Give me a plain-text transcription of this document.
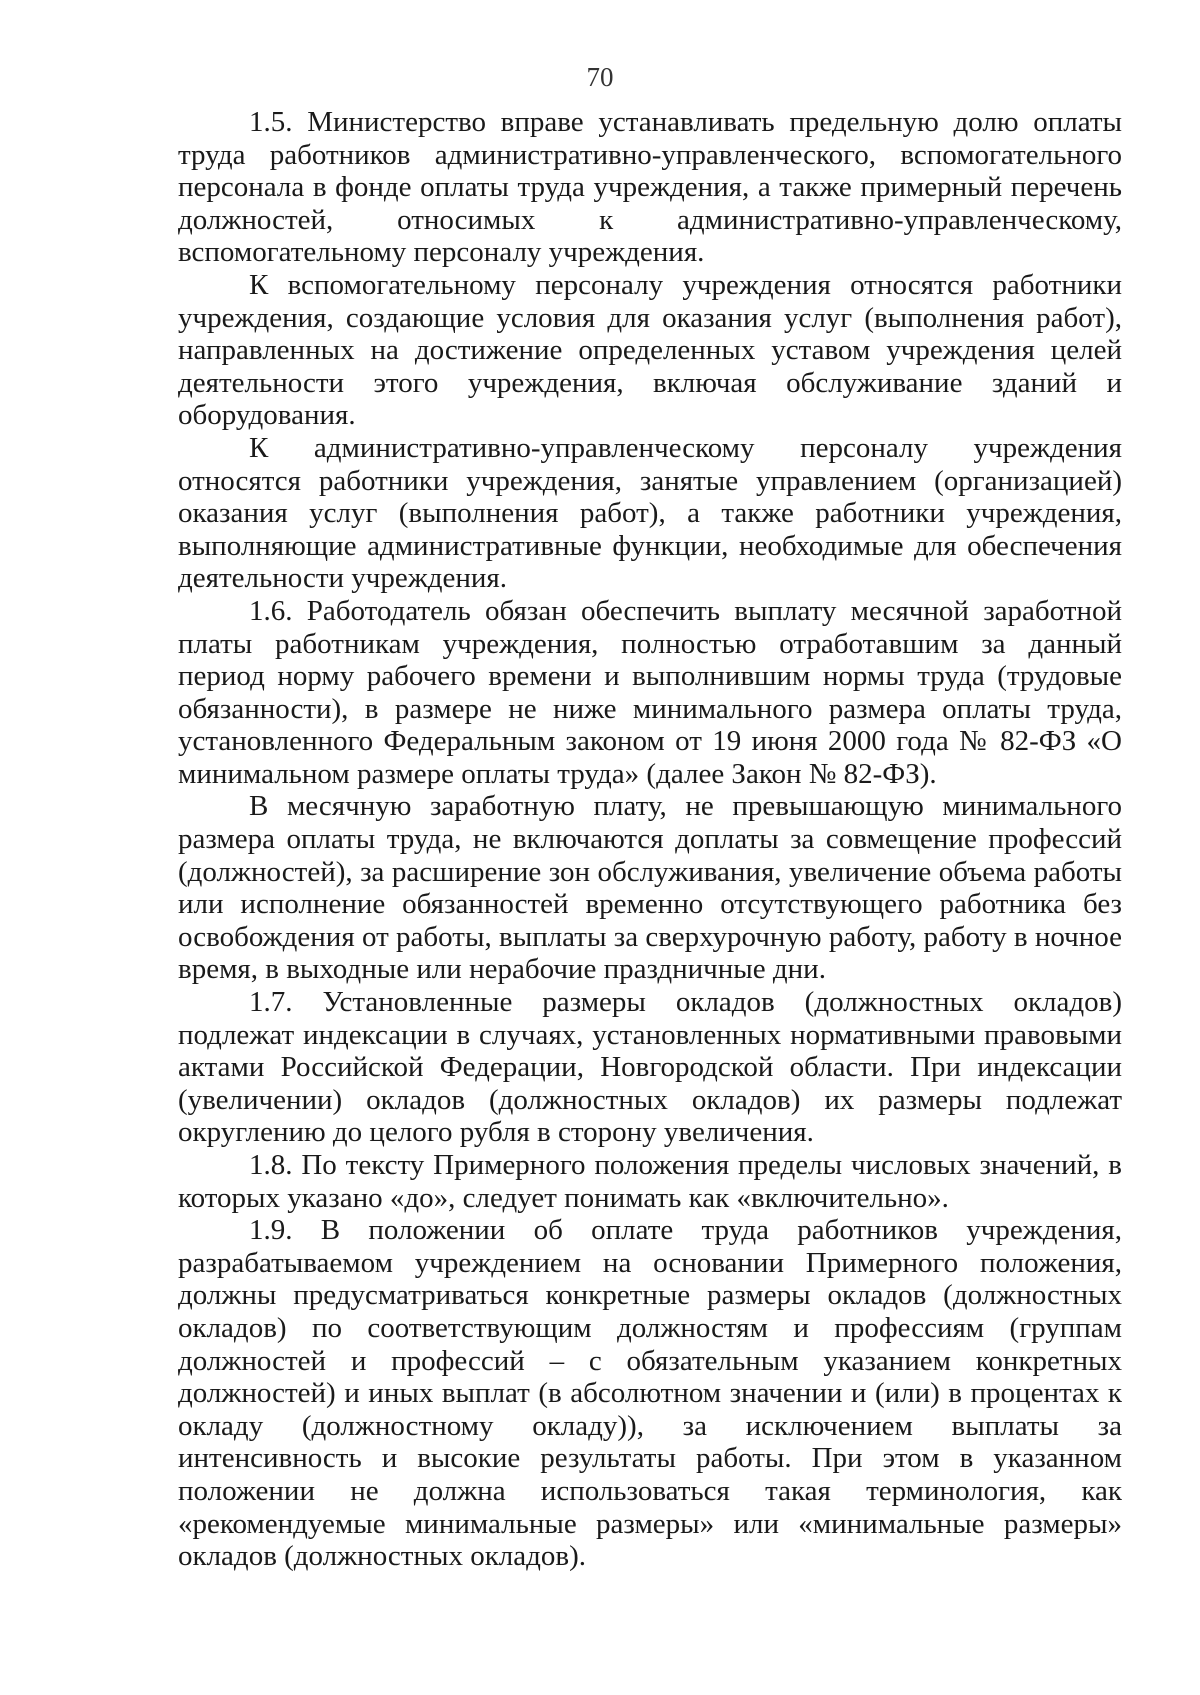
70

1.5. Министерство вправе устанавливать предельную долю оплаты труда работников административно-управленческого, вспомогательного персонала в фонде оплаты труда учреждения, а также примерный перечень должностей, относимых к административно-управленческому, вспомогательному персоналу учреждения.

К вспомогательному персоналу учреждения относятся работники учреждения, создающие условия для оказания услуг (выполнения работ), направленных на достижение определенных уставом учреждения целей деятельности этого учреждения, включая обслуживание зданий и оборудования.

К административно-управленческому персоналу учреждения относятся работники учреждения, занятые управлением (организацией) оказания услуг (выполнения работ), а также работники учреждения, выполняющие административные функции, необходимые для обеспечения деятельности учреждения.

1.6. Работодатель обязан обеспечить выплату месячной заработной платы работникам учреждения, полностью отработавшим за данный период норму рабочего времени и выполнившим нормы труда (трудовые обязанности), в размере не ниже минимального размера оплаты труда, установленного Федеральным законом от 19 июня 2000 года № 82-ФЗ «О минимальном размере оплаты труда» (далее Закон № 82-ФЗ).

В месячную заработную плату, не превышающую минимального размера оплаты труда, не включаются доплаты за совмещение профессий (должностей), за расширение зон обслуживания, увеличение объема работы или исполнение обязанностей временно отсутствующего работника без освобождения от работы, выплаты за сверхурочную работу, работу в ночное время, в выходные или нерабочие праздничные дни.

1.7. Установленные размеры окладов (должностных окладов) подлежат индексации в случаях, установленных нормативными правовыми актами Российской Федерации, Новгородской области. При индексации (увеличении) окладов (должностных окладов) их размеры подлежат округлению до целого рубля в сторону увеличения.

1.8. По тексту Примерного положения пределы числовых значений, в которых указано «до», следует понимать как «включительно».

1.9. В положении об оплате труда работников учреждения, разрабатываемом учреждением на основании Примерного положения, должны предусматриваться конкретные размеры окладов (должностных окладов) по соответствующим должностям и профессиям (группам должностей и профессий – с обязательным указанием конкретных должностей) и иных выплат (в абсолютном значении и (или) в процентах к окладу (должностному окладу)), за исключением выплаты за интенсивность и высокие результаты работы. При этом в указанном положении не должна использоваться такая терминология, как «рекомендуемые минимальные размеры» или «минимальные размеры» окладов (должностных окладов).
